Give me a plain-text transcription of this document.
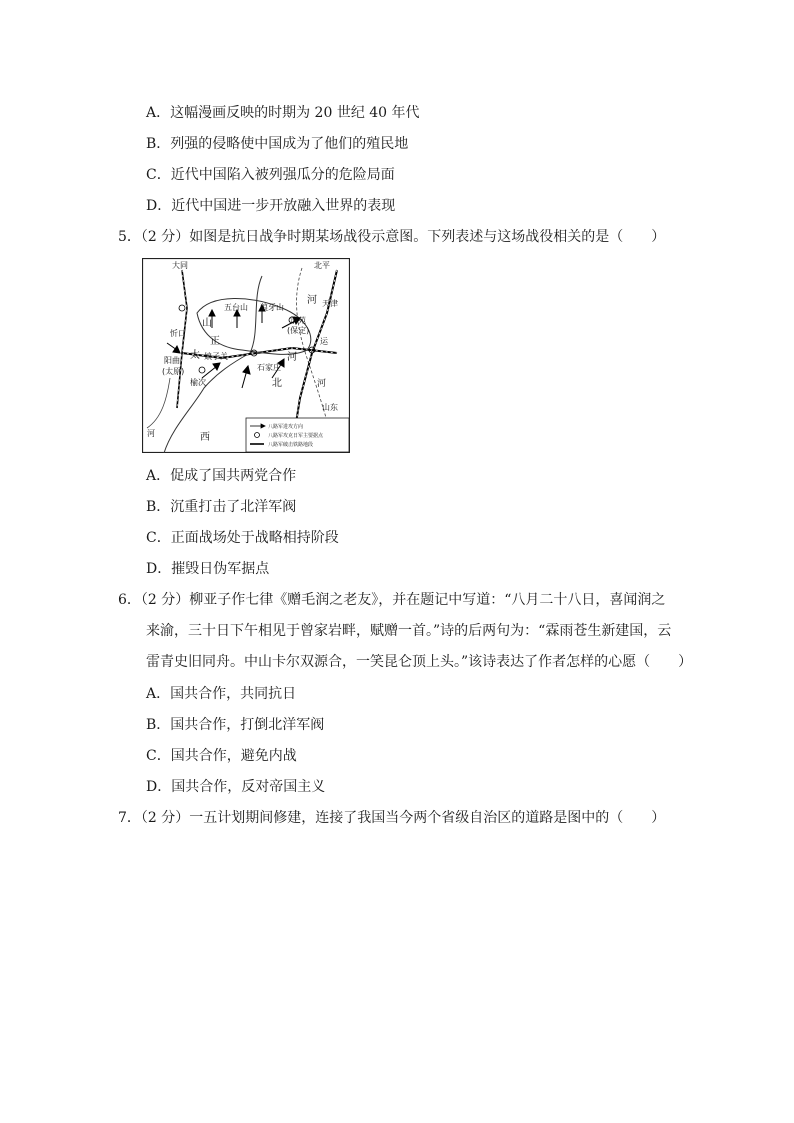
A．这幅漫画反映的时期为 20 世纪 40 年代
B．列强的侵略使中国成为了他们的殖民地
C．近代中国陷入被列强瓜分的危险局面
D．近代中国进一步开放融入世界的表现
5．（2 分）如图是抗日战争时期某场战役示意图。下列表述与这场战役相关的是（　　）
大同	北平
天津
五台山 狼牙山
河
山	清苑
(保定)
运
忻口
阳曲
(太原)
正
太 娘子关
石家庄
河
榆次	北	河
山东
西
河
八路军进攻方向
八路军攻克日军主要据点
八路军破击铁路地段
A．促成了国共两党合作
B．沉重打击了北洋军阀
C．正面战场处于战略相持阶段
D．摧毁日伪军据点
6．（2 分）柳亚子作七律《赠毛润之老友》，并在题记中写道：“八月二十八日，喜闻润之
来渝，三十日下午相见于曾家岩畔，赋赠一首。”诗的后两句为：“霖雨苍生新建国，云
雷青史旧同舟。中山卡尔双源合，一笑昆仑顶上头。”该诗表达了作者怎样的心愿（　　）
A．国共合作，共同抗日
B．国共合作，打倒北洋军阀
C．国共合作，避免内战
D．国共合作，反对帝国主义
7．（2 分）一五计划期间修建，连接了我国当今两个省级自治区的道路是图中的（　　）
